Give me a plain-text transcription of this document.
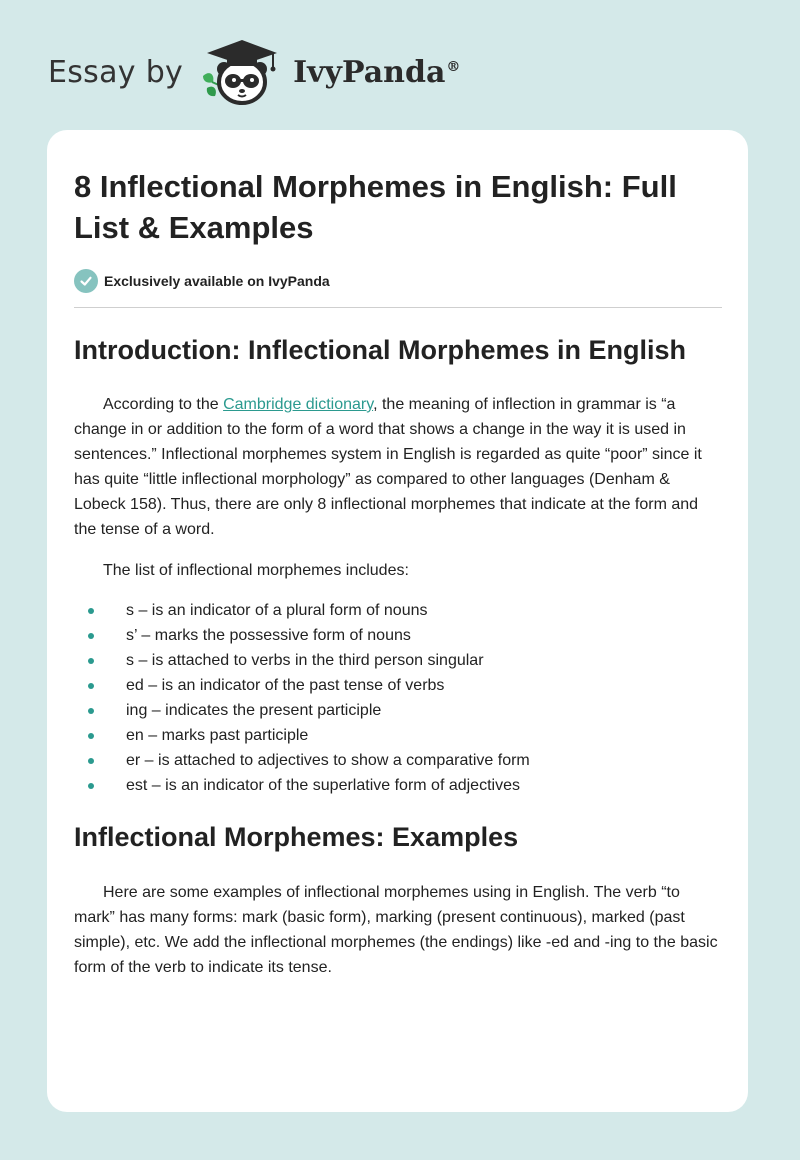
Essay by	IvyPanda®
8 Inflectional Morphemes in English: Full List & Examples
Exclusively available on IvyPanda
Introduction: Inflectional Morphemes in English

According to the Cambridge dictionary, the meaning of inflection in grammar is “a change in or addition to the form of a word that shows a change in the way it is used in sentences.” Inflectional morphemes system in English is regarded as quite “poor” since it has quite “little inflectional morphology” as compared to other languages (Denham & Lobeck 158). Thus, there are only 8 inflectional morphemes that indicate at the form and the tense of a word.

The list of inflectional morphemes includes:

s – is an indicator of a plural form of nouns
s’ – marks the possessive form of nouns
s – is attached to verbs in the third person singular
ed – is an indicator of the past tense of verbs
ing – indicates the present participle
en – marks past participle
er – is attached to adjectives to show a comparative form
est – is an indicator of the superlative form of adjectives
Inflectional Morphemes: Examples

Here are some examples of inflectional morphemes using in English. The verb “to mark” has many forms: mark (basic form), marking (present continuous), marked (past simple), etc. We add the inflectional morphemes (the endings) like -ed and -ing to the basic form of the verb to indicate its tense.
